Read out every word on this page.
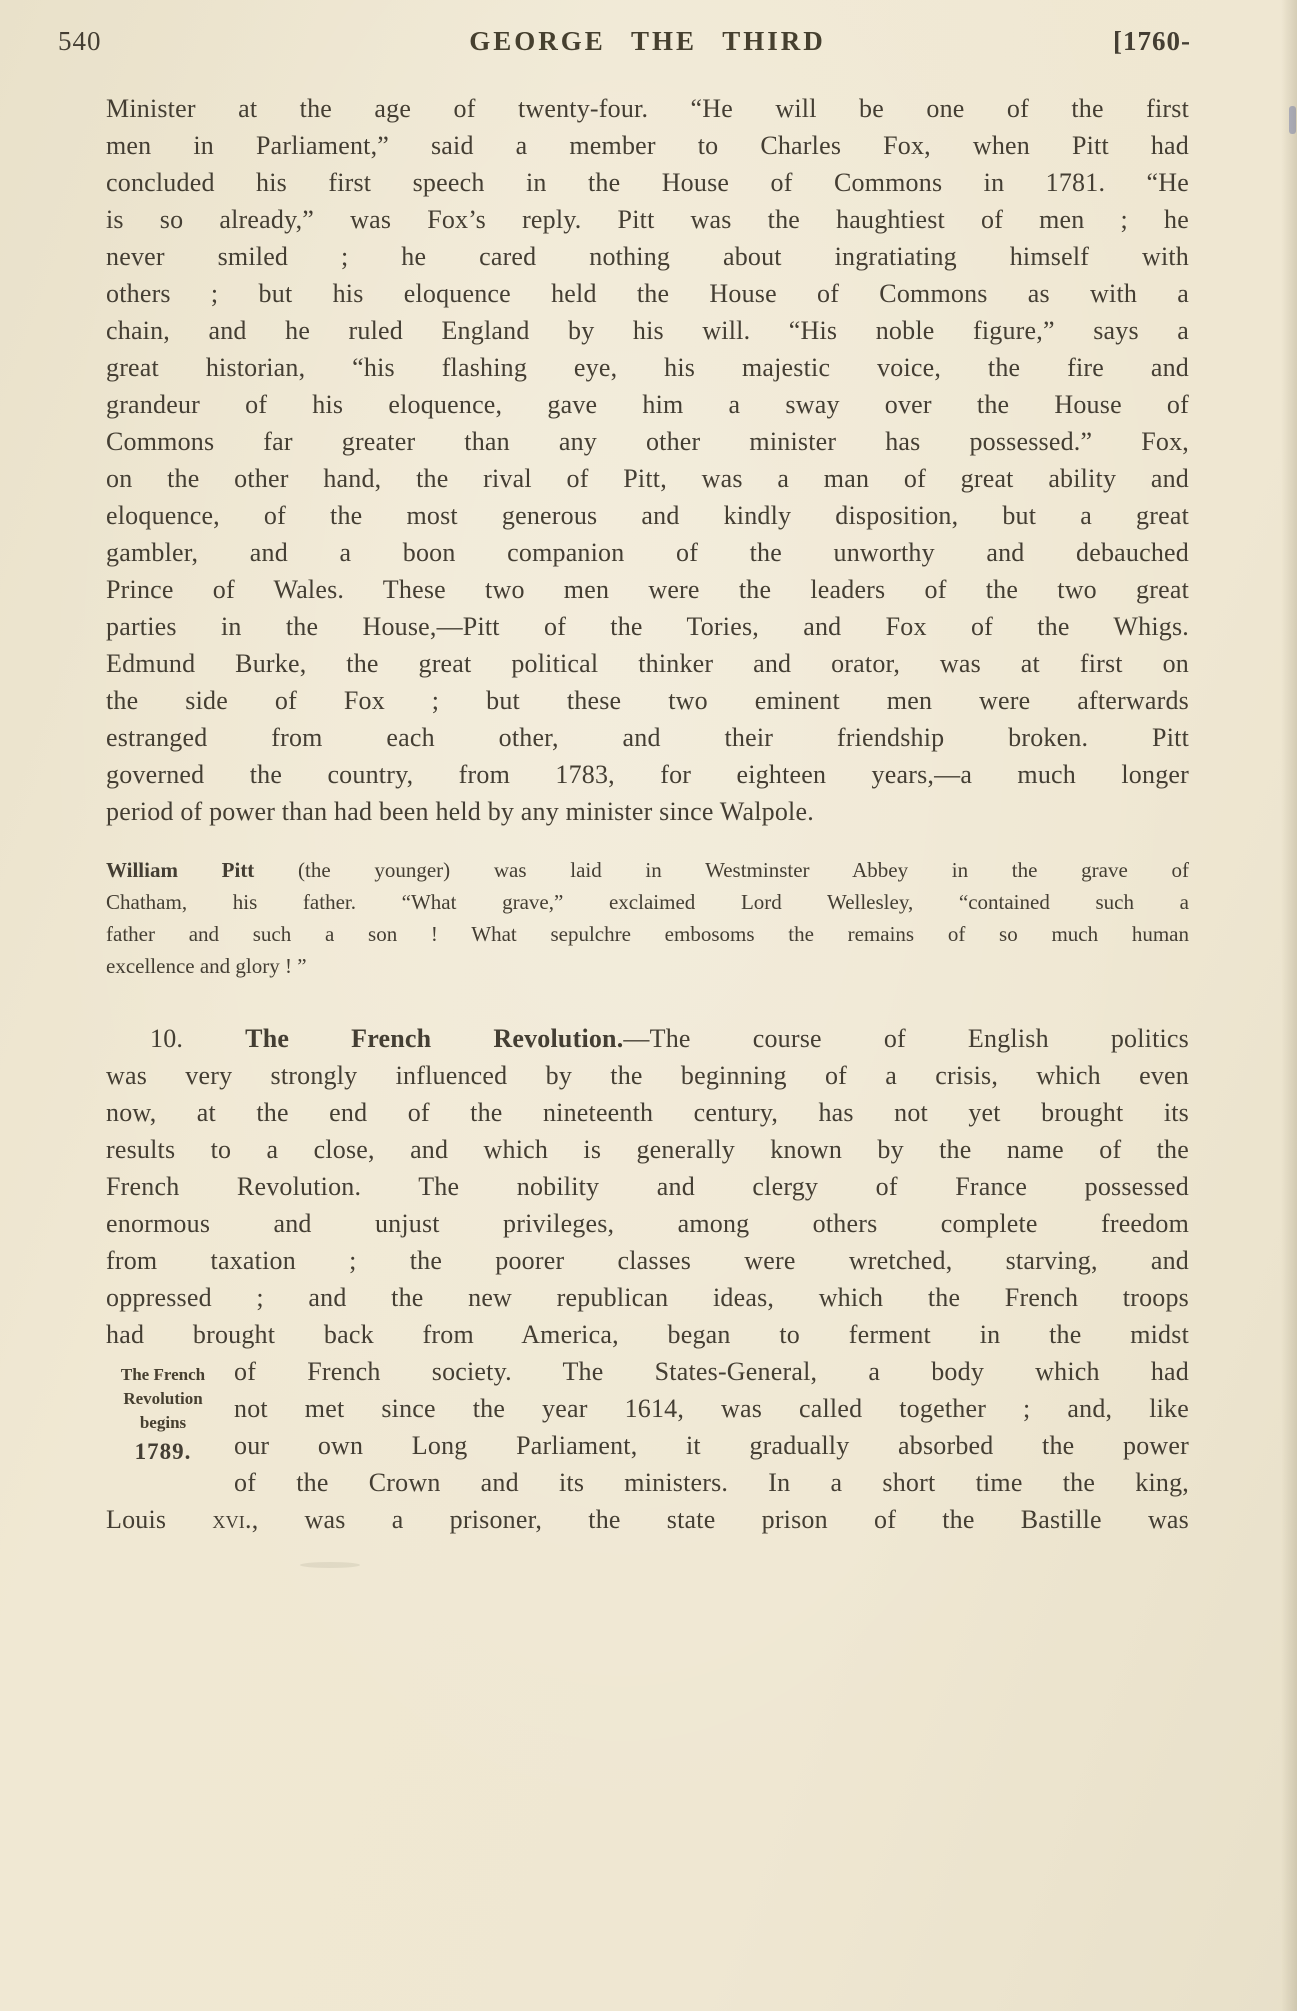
540	GEORGE THE THIRD	[1760-
Minister at the age of twenty-four. “He will be one of the first
men in Parliament,” said a member to Charles Fox, when Pitt had
concluded his first speech in the House of Commons in 1781. “He
is so already,” was Fox’s reply. Pitt was the haughtiest of men ; he
never smiled ; he cared nothing about ingratiating himself with
others ; but his eloquence held the House of Commons as with a
chain, and he ruled England by his will. “His noble figure,” says a
great historian, “his flashing eye, his majestic voice, the fire and
grandeur of his eloquence, gave him a sway over the House of
Commons far greater than any other minister has possessed.” Fox,
on the other hand, the rival of Pitt, was a man of great ability and
eloquence, of the most generous and kindly disposition, but a great
gambler, and a boon companion of the unworthy and debauched
Prince of Wales. These two men were the leaders of the two great
parties in the House,—Pitt of the Tories, and Fox of the Whigs.
Edmund Burke, the great political thinker and orator, was at first on
the side of Fox ; but these two eminent men were afterwards
estranged from each other, and their friendship broken. Pitt
governed the country, from 1783, for eighteen years,—a much longer
period of power than had been held by any minister since Walpole.
William Pitt (the younger) was laid in Westminster Abbey in the grave of
Chatham, his father. “What grave,” exclaimed Lord Wellesley, “contained such a
father and such a son ! What sepulchre embosoms the remains of so much human
excellence and glory ! ”
10. The French Revolution.—The course of English politics
was very strongly influenced by the beginning of a crisis, which even
now, at the end of the nineteenth century, has not yet brought its
results to a close, and which is generally known by the name of the
French Revolution. The nobility and clergy of France possessed
enormous and unjust privileges, among others complete freedom
from taxation ; the poorer classes were wretched, starving, and
oppressed ; and the new republican ideas, which the French troops
had brought back from America, began to ferment in the midst
The French
Revolution
begins
1789.
of French society. The States-General, a body which had
not met since the year 1614, was called together ; and, like
our own Long Parliament, it gradually absorbed the power
of the Crown and its ministers. In a short time the king,
Louis xvi., was a prisoner, the state prison of the Bastille was
